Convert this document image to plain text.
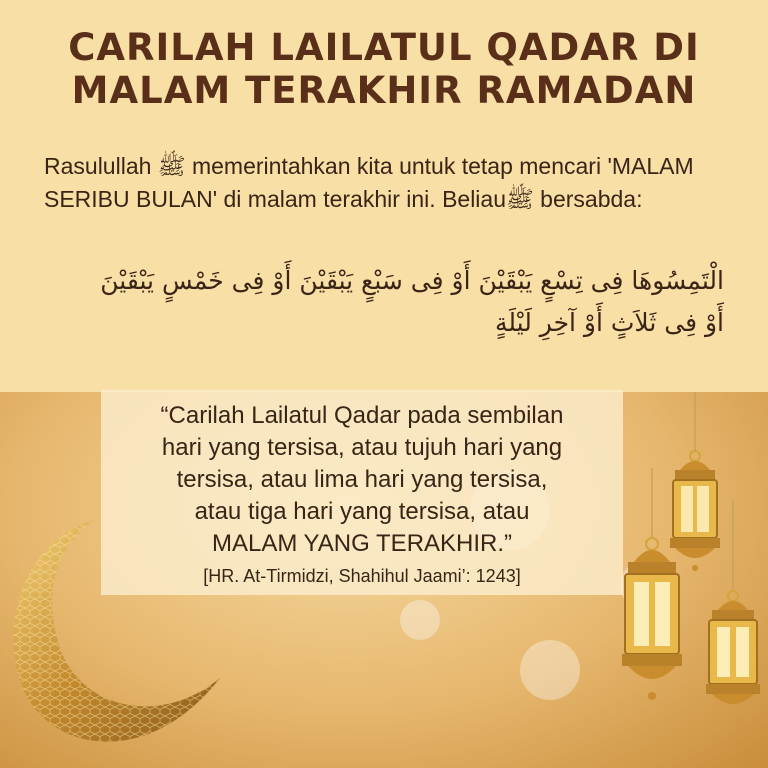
CARILAH LAILATUL QADAR DI
MALAM TERAKHIR RAMADAN
Rasulullah ﷺ memerintahkan kita untuk tetap mencari 'MALAM SERIBU BULAN' di malam terakhir ini. Beliauﷺ bersabda:
الْتَمِسُوهَا فِى تِسْعٍ يَبْقَيْنَ أَوْ فِى سَبْعٍ يَبْقَيْنَ أَوْ فِى خَمْسٍ يَبْقَيْنَ
أَوْ فِى ثَلاَثٍ أَوْ آخِرِ لَيْلَةٍ
“Carilah Lailatul Qadar pada sembilan
hari yang tersisa, atau tujuh hari yang
tersisa, atau lima hari yang tersisa,
atau tiga hari yang tersisa, atau
MALAM YANG TERAKHIR.”
[HR. At-Tirmidzi, Shahihul Jaami’: 1243]
